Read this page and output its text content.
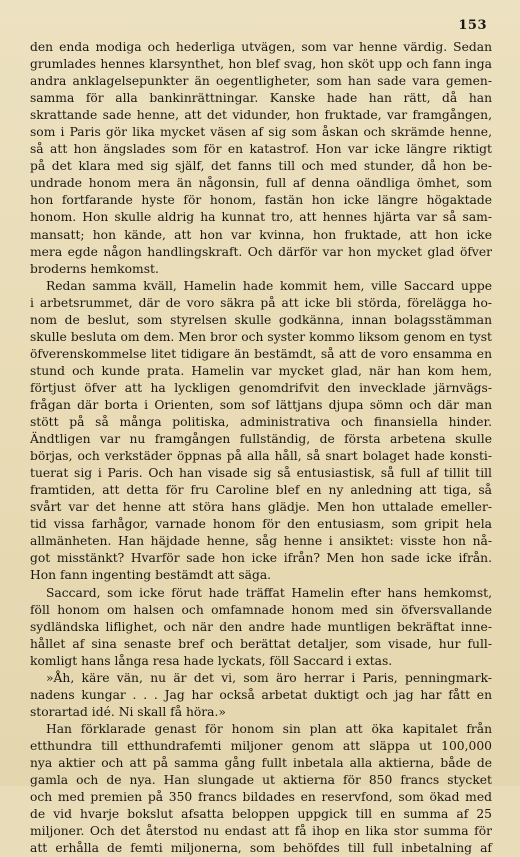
153
den enda modiga och hederliga utvägen, som var henne värdig. Sedan
grumlades hennes klarsynthet, hon blef svag, hon sköt upp och fann inga
andra anklagelsepunkter än oegentligheter, som han sade vara gemen-
samma för alla bankinrättningar. Kanske hade han rätt, då han
skrattande sade henne, att det vidunder, hon fruktade, var framgången,
som i Paris gör lika mycket väsen af sig som åskan och skrämde henne,
så att hon ängslades som för en katastrof. Hon var icke längre riktigt
på det klara med sig själf, det fanns till och med stunder, då hon be-
undrade honom mera än någonsin, full af denna oändliga ömhet, som
hon fortfarande hyste för honom, fastän hon icke längre högaktade
honom. Hon skulle aldrig ha kunnat tro, att hennes hjärta var så sam-
mansatt; hon kände, att hon var kvinna, hon fruktade, att hon icke
mera egde någon handlingskraft. Och därför var hon mycket glad öfver
broderns hemkomst.
Redan samma kväll, Hamelin hade kommit hem, ville Saccard uppe
i arbetsrummet, där de voro säkra på att icke bli störda, förelägga ho-
nom de beslut, som styrelsen skulle godkänna, innan bolagsstämman
skulle besluta om dem. Men bror och syster kommo liksom genom en tyst
öfverenskommelse litet tidigare än bestämdt, så att de voro ensamma en
stund och kunde prata. Hamelin var mycket glad, när han kom hem,
förtjust öfver att ha lyckligen genomdrifvit den invecklade järnvägs-
frågan där borta i Orienten, som sof lättjans djupa sömn och där man
stött på så många politiska, administrativa och finansiella hinder.
Ändtligen var nu framgången fullständig, de första arbetena skulle
börjas, och verkstäder öppnas på alla håll, så snart bolaget hade konsti-
tuerat sig i Paris. Och han visade sig så entusiastisk, så full af tillit till
framtiden, att detta för fru Caroline blef en ny anledning att tiga, så
svårt var det henne att störa hans glädje. Men hon uttalade emeller-
tid vissa farhågor, varnade honom för den entusiasm, som gripit hela
allmänheten. Han häjdade henne, såg henne i ansiktet: visste hon nå-
got misstänkt? Hvarför sade hon icke ifrån? Men hon sade icke ifrån.
Hon fann ingenting bestämdt att säga.
Saccard, som icke förut hade träffat Hamelin efter hans hemkomst,
föll honom om halsen och omfamnade honom med sin öfversvallande
sydländska liflighet, och när den andre hade muntligen bekräftat inne-
hållet af sina senaste bref och berättat detaljer, som visade, hur full-
komligt hans långa resa hade lyckats, föll Saccard i extas.
»Åh, käre vän, nu är det vi, som äro herrar i Paris, penningmark-
nadens kungar . . . Jag har också arbetat duktigt och jag har fått en
storartad idé. Ni skall få höra.»
Han förklarade genast för honom sin plan att öka kapitalet från
etthundra till etthundrafemti miljoner genom att släppa ut 100,000
nya aktier och att på samma gång fullt inbetala alla aktierna, både de
gamla och de nya. Han slungade ut aktierna för 850 francs stycket
och med premien på 350 francs bildades en reservfond, som ökad med
de vid hvarje bokslut afsatta beloppen uppgick till en summa af 25
miljoner. Och det återstod nu endast att få ihop en lika stor summa för
att erhålla de femti miljonerna, som behöfdes till full inbetalning af
